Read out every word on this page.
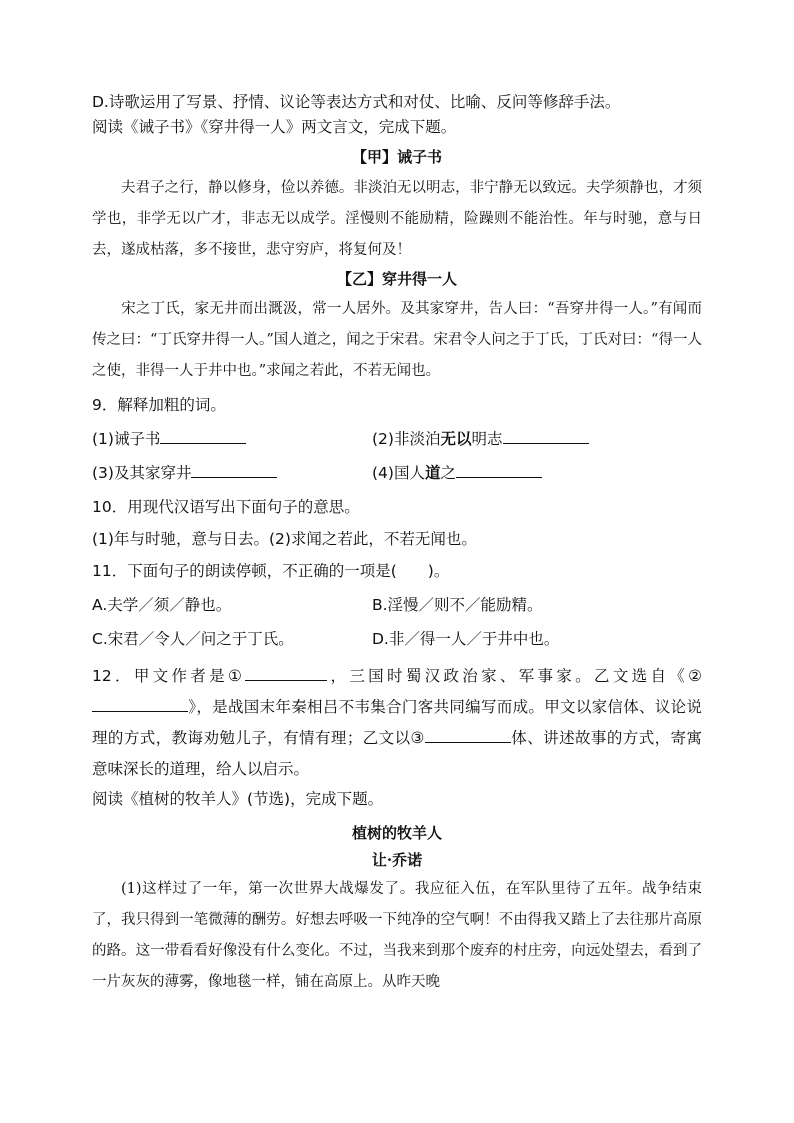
D.诗歌运用了写景、抒情、议论等表达方式和对仗、比喻、反问等修辞手法。
阅读《诫子书》《穿井得一人》两文言文，完成下题。
【甲】诫子书
夫君子之行，静以修身，俭以养德。非淡泊无以明志，非宁静无以致远。夫学须静也，才须学也，非学无以广才，非志无以成学。淫慢则不能励精，险躁则不能治性。年与时驰，意与日去，遂成枯落，多不接世，悲守穷庐，将复何及！
【乙】穿井得一人
宋之丁氏，家无井而出溉汲，常一人居外。及其家穿井，告人曰：“吾穿井得一人。”有闻而传之曰：“丁氏穿井得一人。”国人道之，闻之于宋君。宋君令人问之于丁氏，丁氏对曰：“得一人之使，非得一人于井中也。”求闻之若此，不若无闻也。
9．解释加粗的词。
(1)诫子书	(2)非淡泊无以明志
(3)及其家穿井	(4)国人道之
10．用现代汉语写出下面句子的意思。
(1)年与时驰，意与日去。(2)求闻之若此，不若无闻也。
11．下面句子的朗读停顿，不正确的一项是(　　)。
A.夫学／须／静也。	B.淫慢／则不／能励精。
C.宋君／令人／问之于丁氏。	D.非／得一人／于井中也。
12．甲文作者是①	，三国时蜀汉政治家、军事家。乙文选自《②》，是战国末年秦相吕不韦集合门客共同编写而成。甲文以家信体、议论说理的方式，教诲劝勉儿子，有情有理；乙文以③	体、讲述故事的方式，寄寓意味深长的道理，给人以启示。
阅读《植树的牧羊人》(节选)，完成下题。
植树的牧羊人
让·乔诺
(1)这样过了一年，第一次世界大战爆发了。我应征入伍，在军队里待了五年。战争结束了，我只得到一笔微薄的酬劳。好想去呼吸一下纯净的空气啊！不由得我又踏上了去往那片高原的路。这一带看看好像没有什么变化。不过，当我来到那个废弃的村庄旁，向远处望去，看到了一片灰灰的薄雾，像地毯一样，铺在高原上。从昨天晚
